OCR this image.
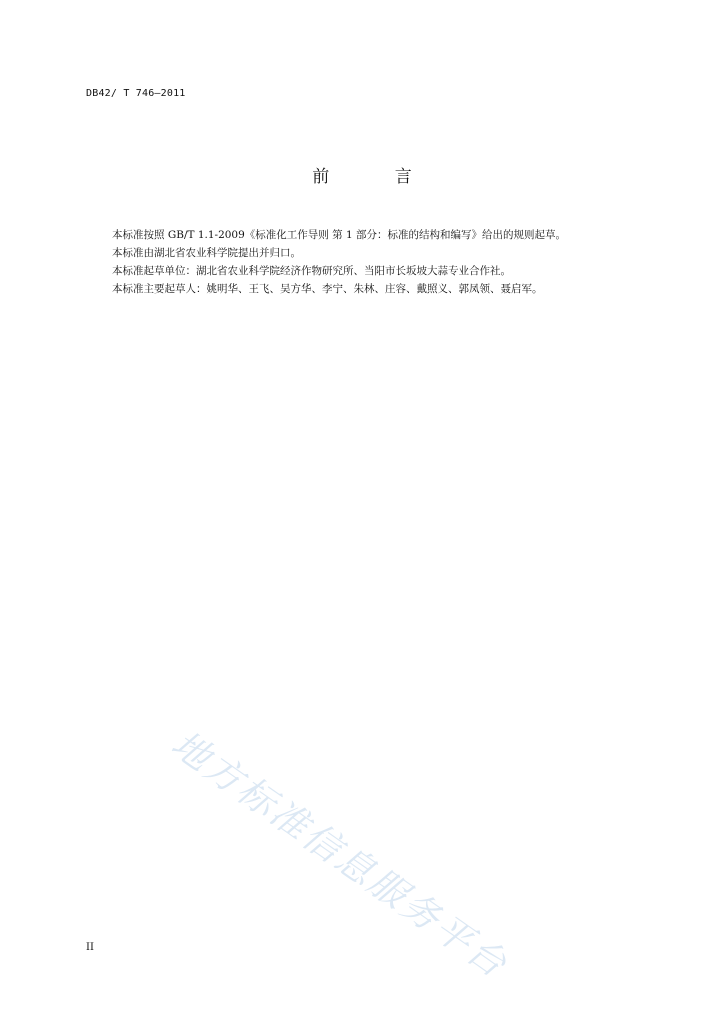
DB42/ T 746—2011
前 言

本标准按照 GB/T 1.1-2009《标准化工作导则 第 1 部分：标准的结构和编写》给出的规则起草。

本标准由湖北省农业科学院提出并归口。

本标准起草单位：湖北省农业科学院经济作物研究所、当阳市长坂坡大蒜专业合作社。

本标准主要起草人：姚明华、王飞、吴方华、李宁、朱林、庄容、戴照义、郭凤领、聂启军。

地方标准信息服务平台
II
